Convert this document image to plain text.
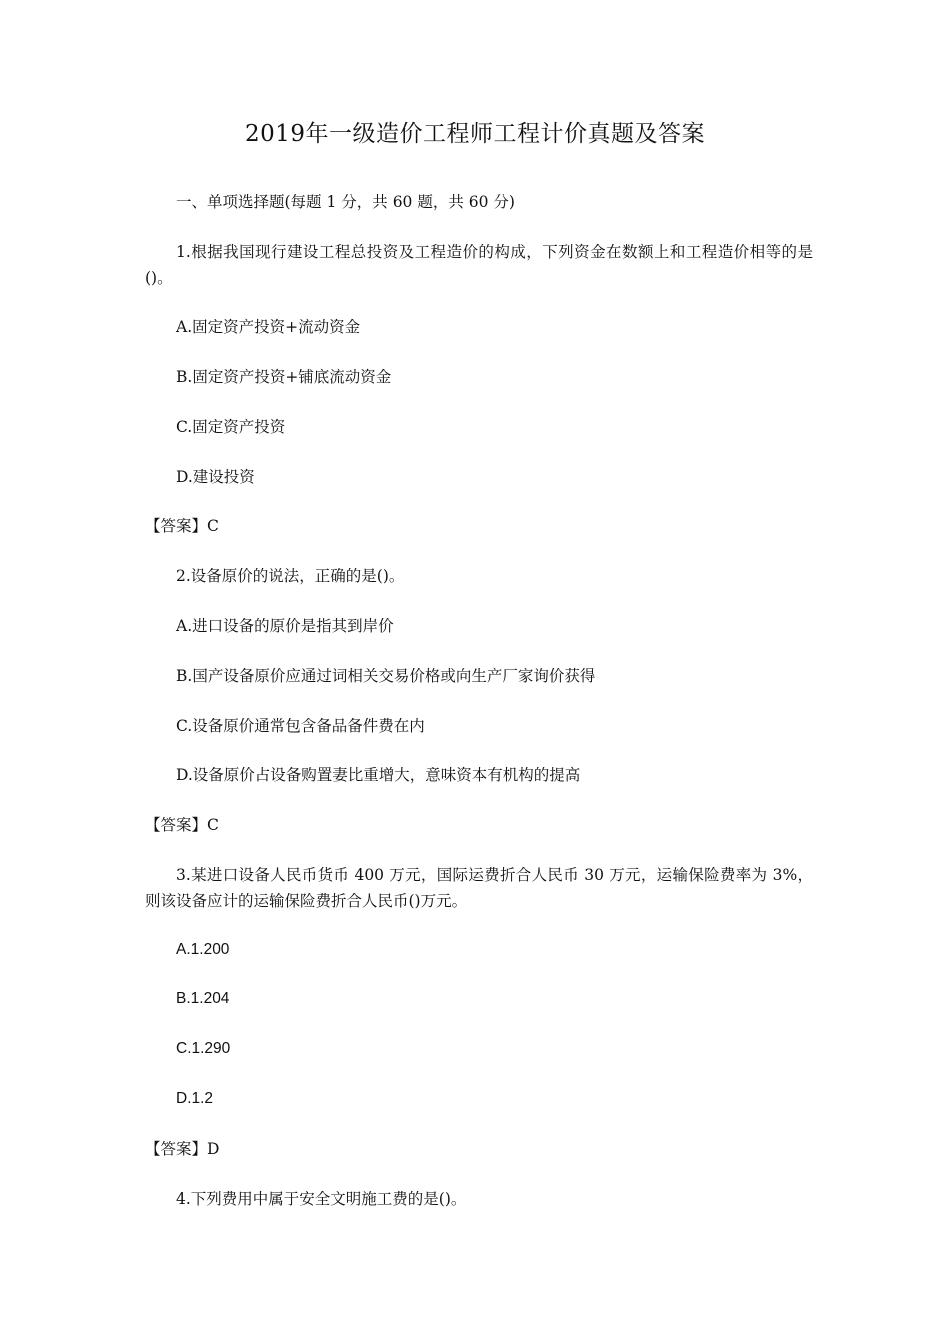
2019年一级造价工程师工程计价真题及答案

一、单项选择题(每题 1 分，共 60 题，共 60 分)

1.根据我国现行建设工程总投资及工程造价的构成，下列资金在数额上和工程造价相等的是()。

A.固定资产投资+流动资金

B.固定资产投资+铺底流动资金

C.固定资产投资

D.建设投资

【答案】C

2.设备原价的说法，正确的是()。

A.进口设备的原价是指其到岸价

B.国产设备原价应通过词相关交易价格或向生产厂家询价获得

C.设备原价通常包含备品备件费在内

D.设备原价占设备购置妻比重增大，意味资本有机构的提高

【答案】C

3.某进口设备人民币货币 400 万元，国际运费折合人民币 30 万元，运输保险费率为 3%，则该设备应计的运输保险费折合人民币()万元。

A.1.200

B.1.204

C.1.290

D.1.2

【答案】D

4.下列费用中属于安全文明施工费的是()。
